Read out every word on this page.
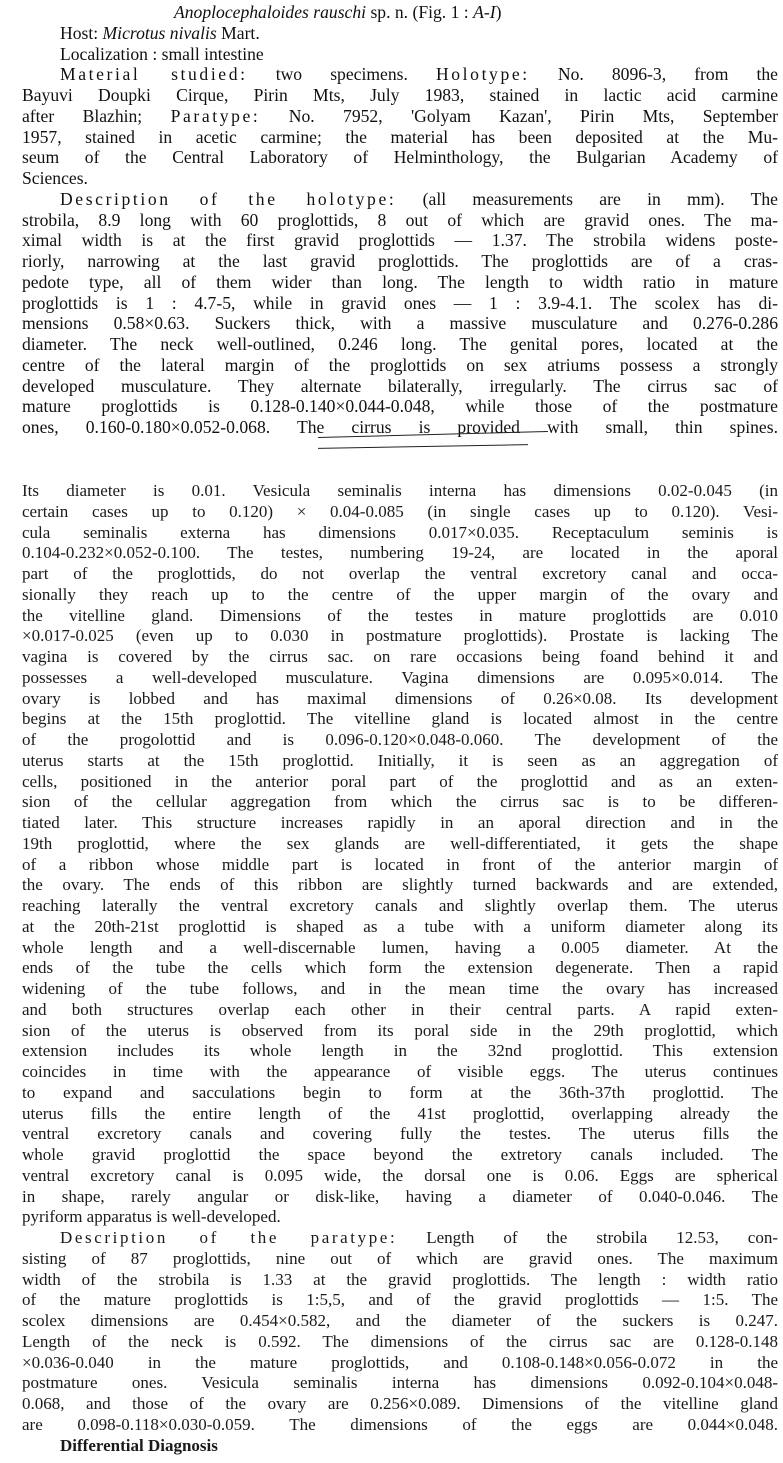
Anoplocephaloides rauschi sp. n. (Fig. 1 : A-I)
Host: Microtus nivalis Mart.
Localization : small intestine
Material studied: two specimens. Holotype: No. 8096-3, from the
Bayuvi Doupki Cirque, Pirin Mts, July 1983, stained in lactic acid carmine
after Blazhin; Paratype: No. 7952, 'Golyam Kazan', Pirin Mts, September
1957, stained in acetic carmine; the material has been deposited at the Mu-
seum of the Central Laboratory of Helminthology, the Bulgarian Academy of
Sciences.
Description of the holotype: (all measurements are in mm). The
strobila, 8.9 long with 60 proglottids, 8 out of which are gravid ones. The ma-
ximal width is at the first gravid proglottids — 1.37. The strobila widens poste-
riorly, narrowing at the last gravid proglottids. The proglottids are of a cras-
pedote type, all of them wider than long. The length to width ratio in mature
proglottids is 1 : 4.7-5, while in gravid ones — 1 : 3.9-4.1. The scolex has di-
mensions 0.58×0.63. Suckers thick, with a massive musculature and 0.276-0.286
diameter. The neck well-outlined, 0.246 long. The genital pores, located at the
centre of the lateral margin of the proglottids on sex atriums possess a strongly
developed musculature. They alternate bilaterally, irregularly. The cirrus sac of
mature proglottids is 0.128-0.140×0.044-0.048, while those of the postmature
ones, 0.160-0.180×0.052-0.068. The cirrus is provided with small, thin spines.
Its diameter is 0.01. Vesicula seminalis interna has dimensions 0.02-0.045 (in
certain cases up to 0.120) × 0.04-0.085 (in single cases up to 0.120). Vesi-
cula seminalis externa has dimensions 0.017×0.035. Receptaculum seminis is
0.104-0.232×0.052-0.100. The testes, numbering 19-24, are located in the aporal
part of the proglottids, do not overlap the ventral excretory canal and occa-
sionally they reach up to the centre of the upper margin of the ovary and
the vitelline gland. Dimensions of the testes in mature proglottids are 0.010
×0.017-0.025 (even up to 0.030 in postmature proglottids). Prostate is lacking The
vagina is covered by the cirrus sac. on rare occasions being foand behind it and
possesses a well-developed musculature. Vagina dimensions are 0.095×0.014. The
ovary is lobbed and has maximal dimensions of 0.26×0.08. Its development
begins at the 15th proglottid. The vitelline gland is located almost in the centre
of the progolottid and is 0.096-0.120×0.048-0.060. The development of the
uterus starts at the 15th proglottid. Initially, it is seen as an aggregation of
cells, positioned in the anterior poral part of the proglottid and as an exten-
sion of the cellular aggregation from which the cirrus sac is to be differen-
tiated later. This structure increases rapidly in an aporal direction and in the
19th proglottid, where the sex glands are well-differentiated, it gets the shape
of a ribbon whose middle part is located in front of the anterior margin of
the ovary. The ends of this ribbon are slightly turned backwards and are extended,
reaching laterally the ventral excretory canals and slightly overlap them. The uterus
at the 20th-21st proglottid is shaped as a tube with a uniform diameter along its
whole length and a well-discernable lumen, having a 0.005 diameter. At the
ends of the tube the cells which form the extension degenerate. Then a rapid
widening of the tube follows, and in the mean time the ovary has increased
and both structures overlap each other in their central parts. A rapid exten-
sion of the uterus is observed from its poral side in the 29th proglottid, which
extension includes its whole length in the 32nd proglottid. This extension
coincides in time with the appearance of visible eggs. The uterus continues
to expand and sacculations begin to form at the 36th-37th proglottid. The
uterus fills the entire length of the 41st proglottid, overlapping already the
ventral excretory canals and covering fully the testes. The uterus fills the
whole gravid proglottid the space beyond the extretory canals included. The
ventral excretory canal is 0.095 wide, the dorsal one is 0.06. Eggs are spherical
in shape, rarely angular or disk-like, having a diameter of 0.040-0.046. The
pyriform apparatus is well-developed.
Description of the paratype: Length of the strobila 12.53, con-
sisting of 87 proglottids, nine out of which are gravid ones. The maximum
width of the strobila is 1.33 at the gravid proglottids. The length : width ratio
of the mature proglottids is 1:5,5, and of the gravid proglottids — 1:5. The
scolex dimensions are 0.454×0.582, and the diameter of the suckers is 0.247.
Length of the neck is 0.592. The dimensions of the cirrus sac are 0.128-0.148
×0.036-0.040 in the mature proglottids, and 0.108-0.148×0.056-0.072 in the
postmature ones. Vesicula seminalis interna has dimensions 0.092-0.104×0.048-
0.068, and those of the ovary are 0.256×0.089. Dimensions of the vitelline gland
are 0.098-0.118×0.030-0.059. The dimensions of the eggs are 0.044×0.048.
Differential Diagnosis
